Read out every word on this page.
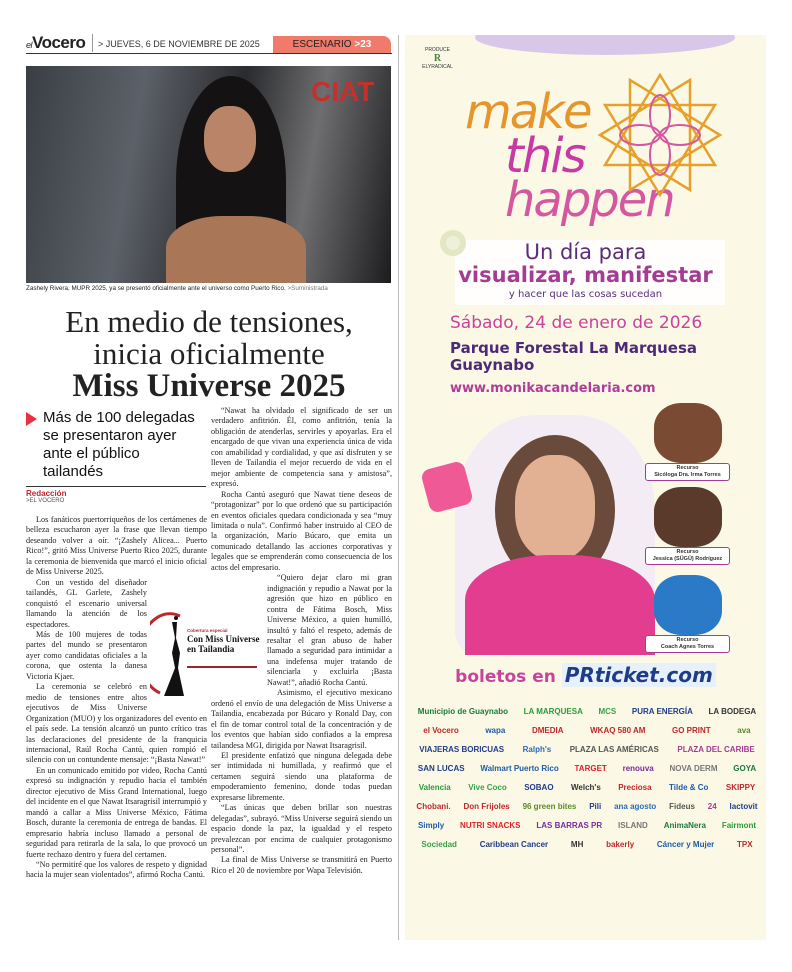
elVocero > JUEVES, 6 DE NOVIEMBRE DE 2025	ESCENARIO >23
CIAT
Zashely Rivera, MUPR 2025, ya se presentó oficialmente ante el universo como Puerto Rico. >Suministrada
En medio de tensiones,
inicia oficialmente
Miss Universe 2025
Más de 100 delegadas se presentaron ayer ante el público tailandés
Redacción
>EL VOCERO

Los fanáticos puertorriqueños de los certámenes de belleza escucharon ayer la frase que llevan tiempo deseando volver a oír. “¡Zashely Alicea... Puerto Rico!”, gritó Miss Universe Puerto Rico 2025, durante la ceremonia de bienvenida que marcó el inicio oficial de Miss Universe 2025.

Con un vestido del diseñador tailandés, GL Garlete, Zashely conquistó el escenario universal llamando la atención de los espectadores.

Más de 100 mujeres de todas partes del mundo se presentaron ayer como candidatas oficiales a la corona, que ostenta la danesa Victoria Kjaer.

La ceremonia se celebró en medio de tensiones entre altos ejecutivos de Miss Universe Organization (MUO) y los organizadores del evento en el país sede. La tensión alcanzó un punto crítico tras las declaraciones del presidente de la franquicia internacional, Raúl Rocha Cantú, quien rompió el silencio con un contundente mensaje: “¡Basta Nawat!”

En un comunicado emitido por video, Rocha Cantú expresó su indignación y repudio hacia el también director ejecutivo de Miss Grand International, luego del incidente en el que Nawat Itsaragrisil interrumpió y mandó a callar a Miss Universe México, Fátima Bosch, durante la ceremonia de entrega de bandas. El empresario habría incluso llamado a personal de seguridad para retirarla de la sala, lo que provocó un fuerte rechazo dentro y fuera del certamen.

“No permitiré que los valores de respeto y dignidad hacia la mujer sean violentados”, afirmó Rocha Cantú.

“Nawat ha olvidado el significado de ser un verdadero anfitrión. Él, como anfitrión, tenía la obligación de atenderlas, servirles y apoyarlas. Era el encargado de que vivan una experiencia única de vida con amabilidad y cordialidad, y que así disfruten y se lleven de Tailandia el mejor recuerdo de vida en el mejor ambiente de competencia sana y amistosa”, expresó.

Rocha Cantú aseguró que Nawat tiene deseos de “protagonizar” por lo que ordenó que su participación en eventos oficiales quedara condicionada y sea “muy limitada o nula”. Confirmó haber instruido al CEO de la organización, Mario Búcaro, que emita un comunicado detallando las acciones corporativas y legales que se emprenderán como consecuencia de los actos del empresario.

“Quiero dejar claro mi gran indignación y repudio a Nawat por la agresión que hizo en público en contra de Fátima Bosch, Miss Universe México, a quien humilló, insultó y faltó el respeto, además de resaltar el gran abuso de haber llamado a seguridad para intimidar a una indefensa mujer tratando de silenciarla y excluirla ¡Basta Nawat!”, añadió Rocha Cantú.

Asimismo, el ejecutivo mexicano ordenó el envío de una delegación de Miss Universe a Tailandia, encabezada por Búcaro y Ronald Day, con el fin de tomar control total de la concentración y de los eventos que habían sido confiados a la empresa tailandesa MGI, dirigida por Nawat Itsaragrisil.

El presidente enfatizó que ninguna delegada debe ser intimidada ni humillada, y reafirmó que el certamen seguirá siendo una plataforma de empoderamiento femenino, donde todas puedan expresarse libremente.

“Las únicas que deben brillar son nuestras delegadas”, subrayó. “Miss Universe seguirá siendo un espacio donde la paz, la igualdad y el respeto prevalezcan por encima de cualquier protagonismo personal”.

La final de Miss Universe se transmitirá en Puerto Rico el 20 de noviembre por Wapa Televisión.

Cobertura especial
Con Miss Universe en Tailandia
PRODUCE
R
ELYRADICAL
make
this
happen
Un día para
visualizar, manifestar
y hacer que las cosas sucedan
Sábado, 24 de enero de 2026
Parque Forestal La Marquesa
Guaynabo
www.monikacandelaria.com
Recurso
Sicóloga Dra. Irma Torres
Recurso
Jessica (SÜGÜ) Rodríguez
Recurso
Coach Agnes Torres
boletos en PRticket.com
Municipio de Guaynabo	LA MARQUESA	MCS	PURA ENERGÍA	LA BODEGA
el Vocero	wapa	DMEDIA	WKAQ 580 AM	GO PRINT	ava
VIAJERAS BORICUAS	Ralph's	PLAZA LAS AMÉRICAS	PLAZA DEL CARIBE
SAN LUCAS	Walmart Puerto Rico	TARGET	renouva	NOVA DERM	GOYA
Valencia	Vive Coco	SOBAO	Welch's	Preciosa	Tilde & Co	SKIPPY
Chobani.	Don Frijoles	96 green bites	Pili	ana agosto	Fideus	24	lactovit
Simply	NUTRI SNACKS	LAS BARRAS PR	ISLAND	AnimaNera	Fairmont
Sociedad	Caribbean Cancer	MH	bakerly	Cáncer y Mujer	TPX
